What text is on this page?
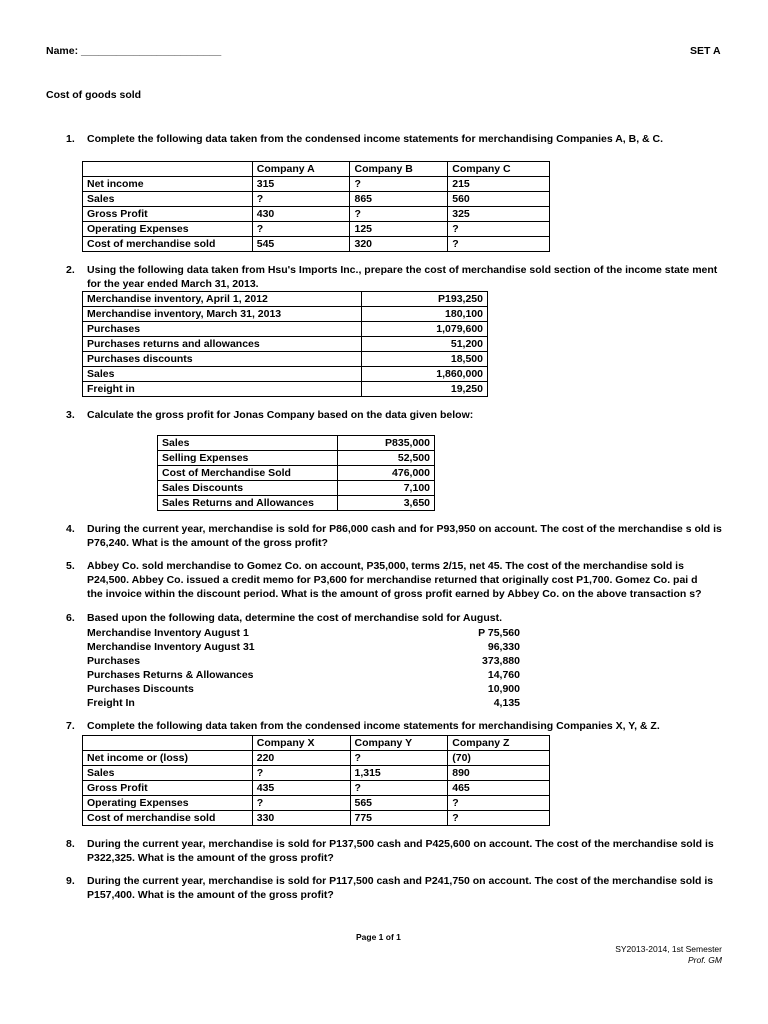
Name: ________________________	SET A
Cost of goods sold
1. Complete the following data taken from the condensed income statements for merchandising Companies A, B, & C.
	Company A	Company B	Company C
Net income	315	?	215
Sales	?	865	560
Gross Profit	430	?	325
Operating Expenses	?	125	?
Cost of merchandise sold	545	320	?
2. Using the following data taken from Hsu's Imports Inc., prepare the cost of merchandise sold section of the income state ment
for the year ended March 31, 2013.
Merchandise inventory, April 1, 2012	P193,250
Merchandise inventory, March 31, 2013	180,100
Purchases	1,079,600
Purchases returns and allowances	51,200
Purchases discounts	18,500
Sales	1,860,000
Freight in	19,250
3. Calculate the gross profit for Jonas Company based on the data given below:
Sales	P835,000
Selling Expenses	52,500
Cost of Merchandise Sold	476,000
Sales Discounts	7,100
Sales Returns and Allowances	3,650
4. During the current year, merchandise is sold for P86,000 cash and for P93,950 on account. The cost of the merchandise s old is
P76,240. What is the amount of the gross profit?
5. Abbey Co. sold merchandise to Gomez Co. on account, P35,000, terms 2/15, net 45. The cost of the merchandise sold is
P24,500. Abbey Co. issued a credit memo for P3,600 for merchandise returned that originally cost P1,700. Gomez Co. pai d
the invoice within the discount period. What is the amount of gross profit earned by Abbey Co. on the above transaction s?
6. Based upon the following data, determine the cost of merchandise sold for August.
Merchandise Inventory August 1	P 75,560
Merchandise Inventory August 31	96,330
Purchases	373,880
Purchases Returns & Allowances	14,760
Purchases Discounts	10,900
Freight In	4,135
7. Complete the following data taken from the condensed income statements for merchandising Companies X, Y, & Z.
	Company X	Company Y	Company Z
Net income or (loss)	220	?	(70)
Sales	?	1,315	890
Gross Profit	435	?	465
Operating Expenses	?	565	?
Cost of merchandise sold	330	775	?
8. During the current year, merchandise is sold for P137,500 cash and P425,600 on account. The cost of the merchandise sold is
P322,325. What is the amount of the gross profit?
9. During the current year, merchandise is sold for P117,500 cash and P241,750 on account. The cost of the merchandise sold is
P157,400. What is the amount of the gross profit?
Page 1 of 1
SY2013-2014, 1st Semester
Prof. GM
